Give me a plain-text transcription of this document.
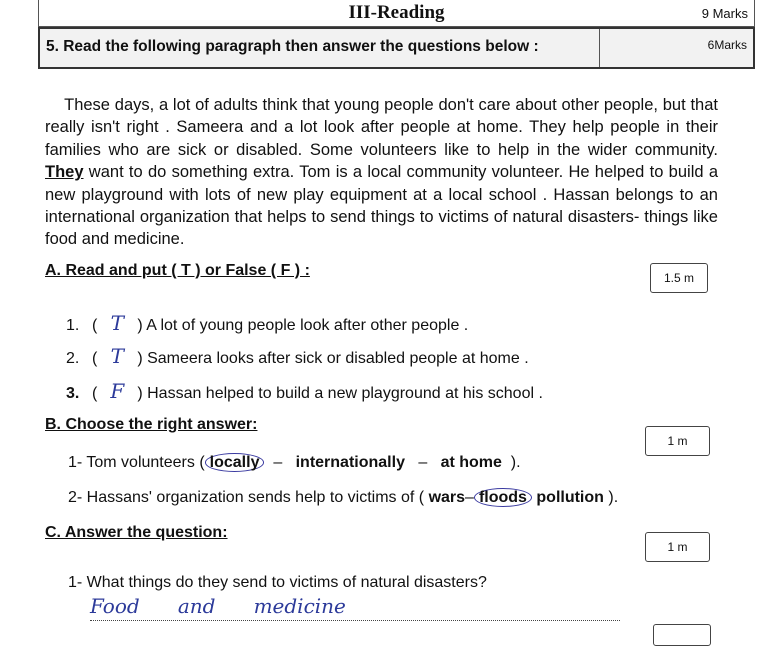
III-Reading	9 Marks
5. Read the following paragraph then answer the questions below :	6Marks
These days, a lot of adults think that young people don't care about other people, but that really isn't right . Sameera and a lot look after people at home. They help people in their families who are sick or disabled. Some volunteers like to help in the wider community. They want to do something extra. Tom is a local community volunteer. He helped to build a new playground with lots of new play equipment at a local school . Hassan belongs to an international organization that helps to send things to victims of natural disasters- things like food and medicine.
A. Read and put ( T ) or False ( F ) :	1.5 m
1. ( T ) A lot of young people look after other people .
2. ( T ) Sameera looks after sick or disabled people at home .
3. ( F ) Hassan helped to build a new playground at his school .
B. Choose the right answer:
1 m
1- Tom volunteers ( locally – internationally – at home ).
2- Hassans' organization sends help to victims of ( wars– floods pollution ).
C. Answer the question:
1 m
1- What things do they send to victims of natural disasters?
Food      and      medicine
